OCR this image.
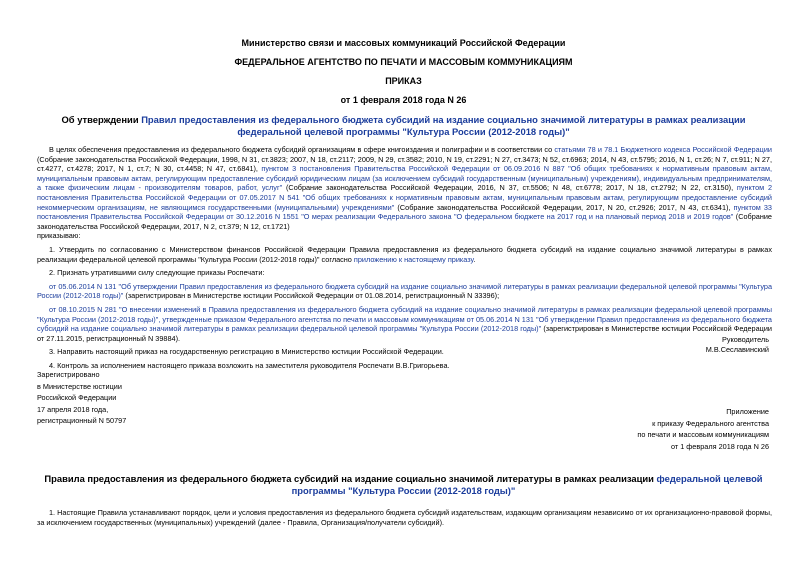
Министерство связи и массовых коммуникаций Российской Федерации
ФЕДЕРАЛЬНОЕ АГЕНТСТВО ПО ПЕЧАТИ И МАССОВЫМ КОММУНИКАЦИЯМ
ПРИКАЗ
от 1 февраля 2018 года N 26
Об утверждении Правил предоставления из федерального бюджета субсидий на издание социально значимой литературы в рамках реализации федеральной целевой программы "Культура России (2012-2018 годы)"

В целях обеспечения предоставления из федерального бюджета субсидий организациям в сфере книгоиздания и полиграфии и в соответствии со статьями 78 и 78.1 Бюджетного кодекса Российской Федерации (Собрание законодательства Российской Федерации, 1998, N 31, ст.3823; 2007, N 18, ст.2117; 2009, N 29, ст.3582; 2010, N 19, ст.2291; N 27, ст.3473; N 52, ст.6963; 2014, N 43, ст.5795; 2016, N 1, ст.26; N 7, ст.911; N 27, ст.4277, ст.4278; 2017, N 1, ст.7; N 30, ст.4458; N 47, ст.6841), пунктом 3 постановления Правительства Российской Федерации от 06.09.2016 N 887 "Об общих требованиях к нормативным правовым актам, муниципальным правовым актам, регулирующим предоставление субсидий юридическим лицам (за исключением субсидий государственным (муниципальным) учреждениям), индивидуальным предпринимателям, а также физическим лицам - производителям товаров, работ, услуг" (Собрание законодательства Российской Федерации, 2016, N 37, ст.5506; N 48, ст.6778; 2017, N 18, ст.2792; N 22, ст.3150), пунктом 2 постановления Правительства Российской Федерации от 07.05.2017 N 541 "Об общих требованиях к нормативным правовым актам, муниципальным правовым актам, регулирующим предоставление субсидий некоммерческим организациям, не являющимся государственными (муниципальными) учреждениями" (Собрание законодательства Российской Федерации, 2017, N 20, ст.2926; 2017, N 43, ст.6341), пунктом 33 постановления Правительства Российской Федерации от 30.12.2016 N 1551 "О мерах реализации Федерального закона "О федеральном бюджете на 2017 год и на плановый период 2018 и 2019 годов" (Собрание законодательства Российской Федерации, 2017, N 2, ст.379; N 12, ст.1721)

приказываю:

1. Утвердить по согласованию с Министерством финансов Российской Федерации Правила предоставления из федерального бюджета субсидий на издание социально значимой литературы в рамках реализации федеральной целевой программы "Культура России (2012-2018 годы)" согласно приложению к настоящему приказу.

2. Признать утратившими силу следующие приказы Роспечати:

от 05.06.2014 N 131 "Об утверждении Правил предоставления из федерального бюджета субсидий на издание социально значимой литературы в рамках реализации федеральной целевой программы "Культура России (2012-2018 годы)" (зарегистрирован в Министерстве юстиции Российской Федерации от 01.08.2014, регистрационный N 33396);

от 08.10.2015 N 281 "О внесении изменений в Правила предоставления из федерального бюджета субсидий на издание социально значимой литературы в рамках реализации федеральной целевой программы "Культура России (2012-2018 годы)", утвержденные приказом Федерального агентства по печати и массовым коммуникациям от 05.06.2014 N 131 "Об утверждении Правил предоставления из федерального бюджета субсидий на издание социально значимой литературы в рамках реализации федеральной целевой программы "Культура России (2012-2018 годы)" (зарегистрирован в Министерстве юстиции Российской Федерации от 27.11.2015, регистрационный N 39884).

3. Направить настоящий приказ на государственную регистрацию в Министерство юстиции Российской Федерации.

4. Контроль за исполнением настоящего приказа возложить на заместителя руководителя Роспечати В.В.Григорьева.

Руководитель
М.В.Сеславинский
Зарегистрировано
в Министерстве юстиции
Российской Федерации
17 апреля 2018 года,
регистрационный N 50797
Приложение
к приказу Федерального агентства
по печати и массовым коммуникациям
от 1 февраля 2018 года N 26
Правила предоставления из федерального бюджета субсидий на издание социально значимой литературы в рамках реализации федеральной целевой программы "Культура России (2012-2018 годы)"

1. Настоящие Правила устанавливают порядок, цели и условия предоставления из федерального бюджета субсидий издательствам, издающим организациям независимо от их организационно-правовой формы, за исключением государственных (муниципальных) учреждений (далее - Правила, Организация/получатели субсидий).
